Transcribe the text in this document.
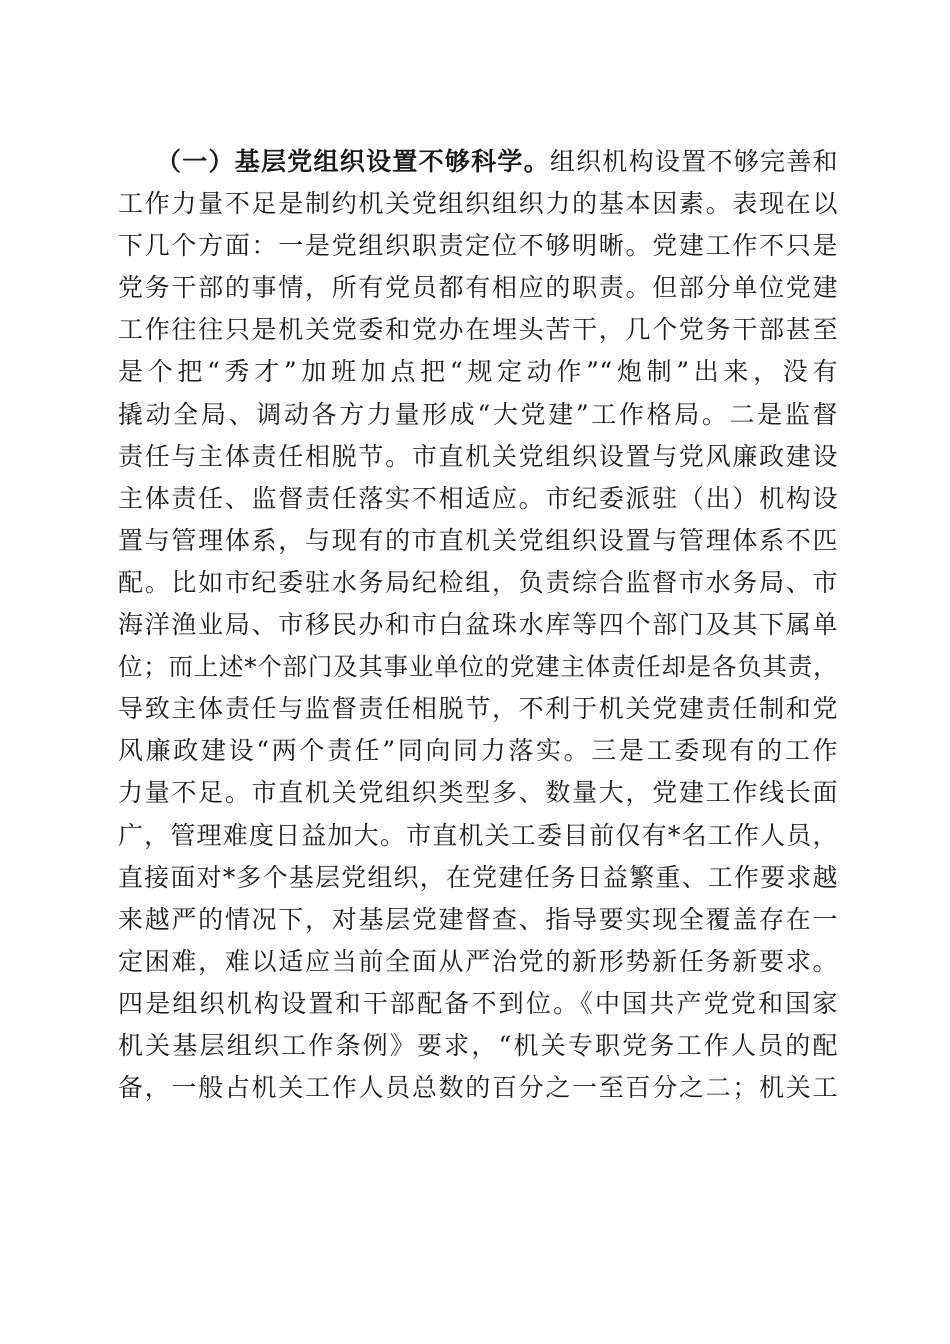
（一）基层党组织设置不够科学。组织机构设置不够完善和
工作力量不足是制约机关党组织组织力的基本因素。表现在以
下几个方面：一是党组织职责定位不够明晰。党建工作不只是
党务干部的事情，所有党员都有相应的职责。但部分单位党建
工作往往只是机关党委和党办在埋头苦干，几个党务干部甚至
是个把“秀才”加班加点把“规定动作”“炮制”出来，没有
撬动全局、调动各方力量形成“大党建”工作格局。二是监督
责任与主体责任相脱节。市直机关党组织设置与党风廉政建设
主体责任、监督责任落实不相适应。市纪委派驻（出）机构设
置与管理体系，与现有的市直机关党组织设置与管理体系不匹
配。比如市纪委驻水务局纪检组，负责综合监督市水务局、市
海洋渔业局、市移民办和市白盆珠水库等四个部门及其下属单
位；而上述*个部门及其事业单位的党建主体责任却是各负其责，
导致主体责任与监督责任相脱节，不利于机关党建责任制和党
风廉政建设“两个责任”同向同力落实。三是工委现有的工作
力量不足。市直机关党组织类型多、数量大，党建工作线长面
广，管理难度日益加大。市直机关工委目前仅有*名工作人员，
直接面对*多个基层党组织，在党建任务日益繁重、工作要求越
来越严的情况下，对基层党建督查、指导要实现全覆盖存在一
定困难，难以适应当前全面从严治党的新形势新任务新要求。
四是组织机构设置和干部配备不到位。《中国共产党党和国家
机关基层组织工作条例》要求，“机关专职党务工作人员的配
备，一般占机关工作人员总数的百分之一至百分之二；机关工
